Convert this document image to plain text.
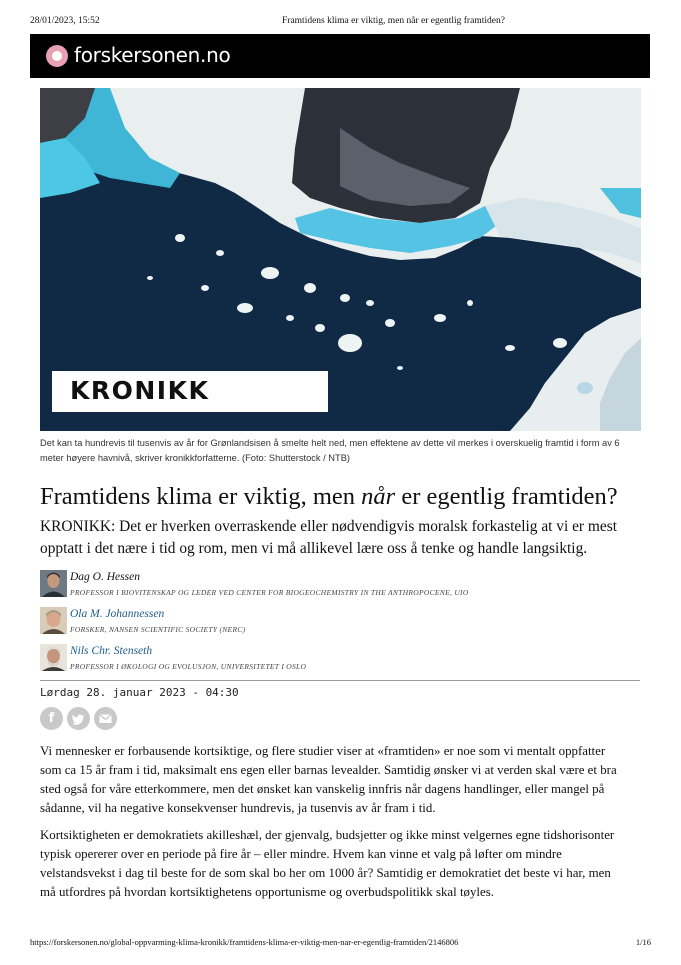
28/01/2023, 15:52	Framtidens klima er viktig, men når er egentlig framtiden?
forskersonen.no
KRONIKK
Det kan ta hundrevis til tusenvis av år for Grønlandsisen å smelte helt ned, men effektene av dette vil merkes i overskuelig framtid i form av 6
meter høyere havnivå, skriver kronikkforfatterne. (Foto: Shutterstock / NTB)
Framtidens klima er viktig, men når er egentlig framtiden?

KRONIKK: Det er hverken overraskende eller nødvendigvis moralsk forkastelig at vi er mest opptatt i det nære i tid og rom, men vi må allikevel lære oss å tenke og handle langsiktig.

Dag O. Hessen
PROFESSOR I BIOVITENSKAP OG LEDER VED CENTER FOR BIOGEOCHEMISTRY IN THE ANTHROPOCENE, UIO
Ola M. Johannessen
FORSKER, NANSEN SCIENTIFIC SOCIETY (NERC)
Nils Chr. Stenseth
PROFESSOR I ØKOLOGI OG EVOLUSJON, UNIVERSITETET I OSLO
Lørdag 28. januar 2023 - 04:30
f
Vi mennesker er forbausende kortsiktige, og flere studier viser at «framtiden» er noe som vi mentalt oppfatter
som ca 15 år fram i tid, maksimalt ens egen eller barnas levealder. Samtidig ønsker vi at verden skal være et bra
sted også for våre etterkommere, men det ønsket kan vanskelig innfris når dagens handlinger, eller mangel på
sådanne, vil ha negative konsekvenser hundrevis, ja tusenvis av år fram i tid.
Kortsiktigheten er demokratiets akilleshæl, der gjenvalg, budsjetter og ikke minst velgernes egne tidshorisonter
typisk opererer over en periode på fire år – eller mindre. Hvem kan vinne et valg på løfter om mindre
velstandsvekst i dag til beste for de som skal bo her om 1000 år? Samtidig er demokratiet det beste vi har, men
må utfordres på hvordan kortsiktighetens opportunisme og overbudspolitikk skal tøyles.
https://forskersonen.no/global-oppvarming-klima-kronikk/framtidens-klima-er-viktig-men-nar-er-egentlig-framtiden/2146806	1/16
